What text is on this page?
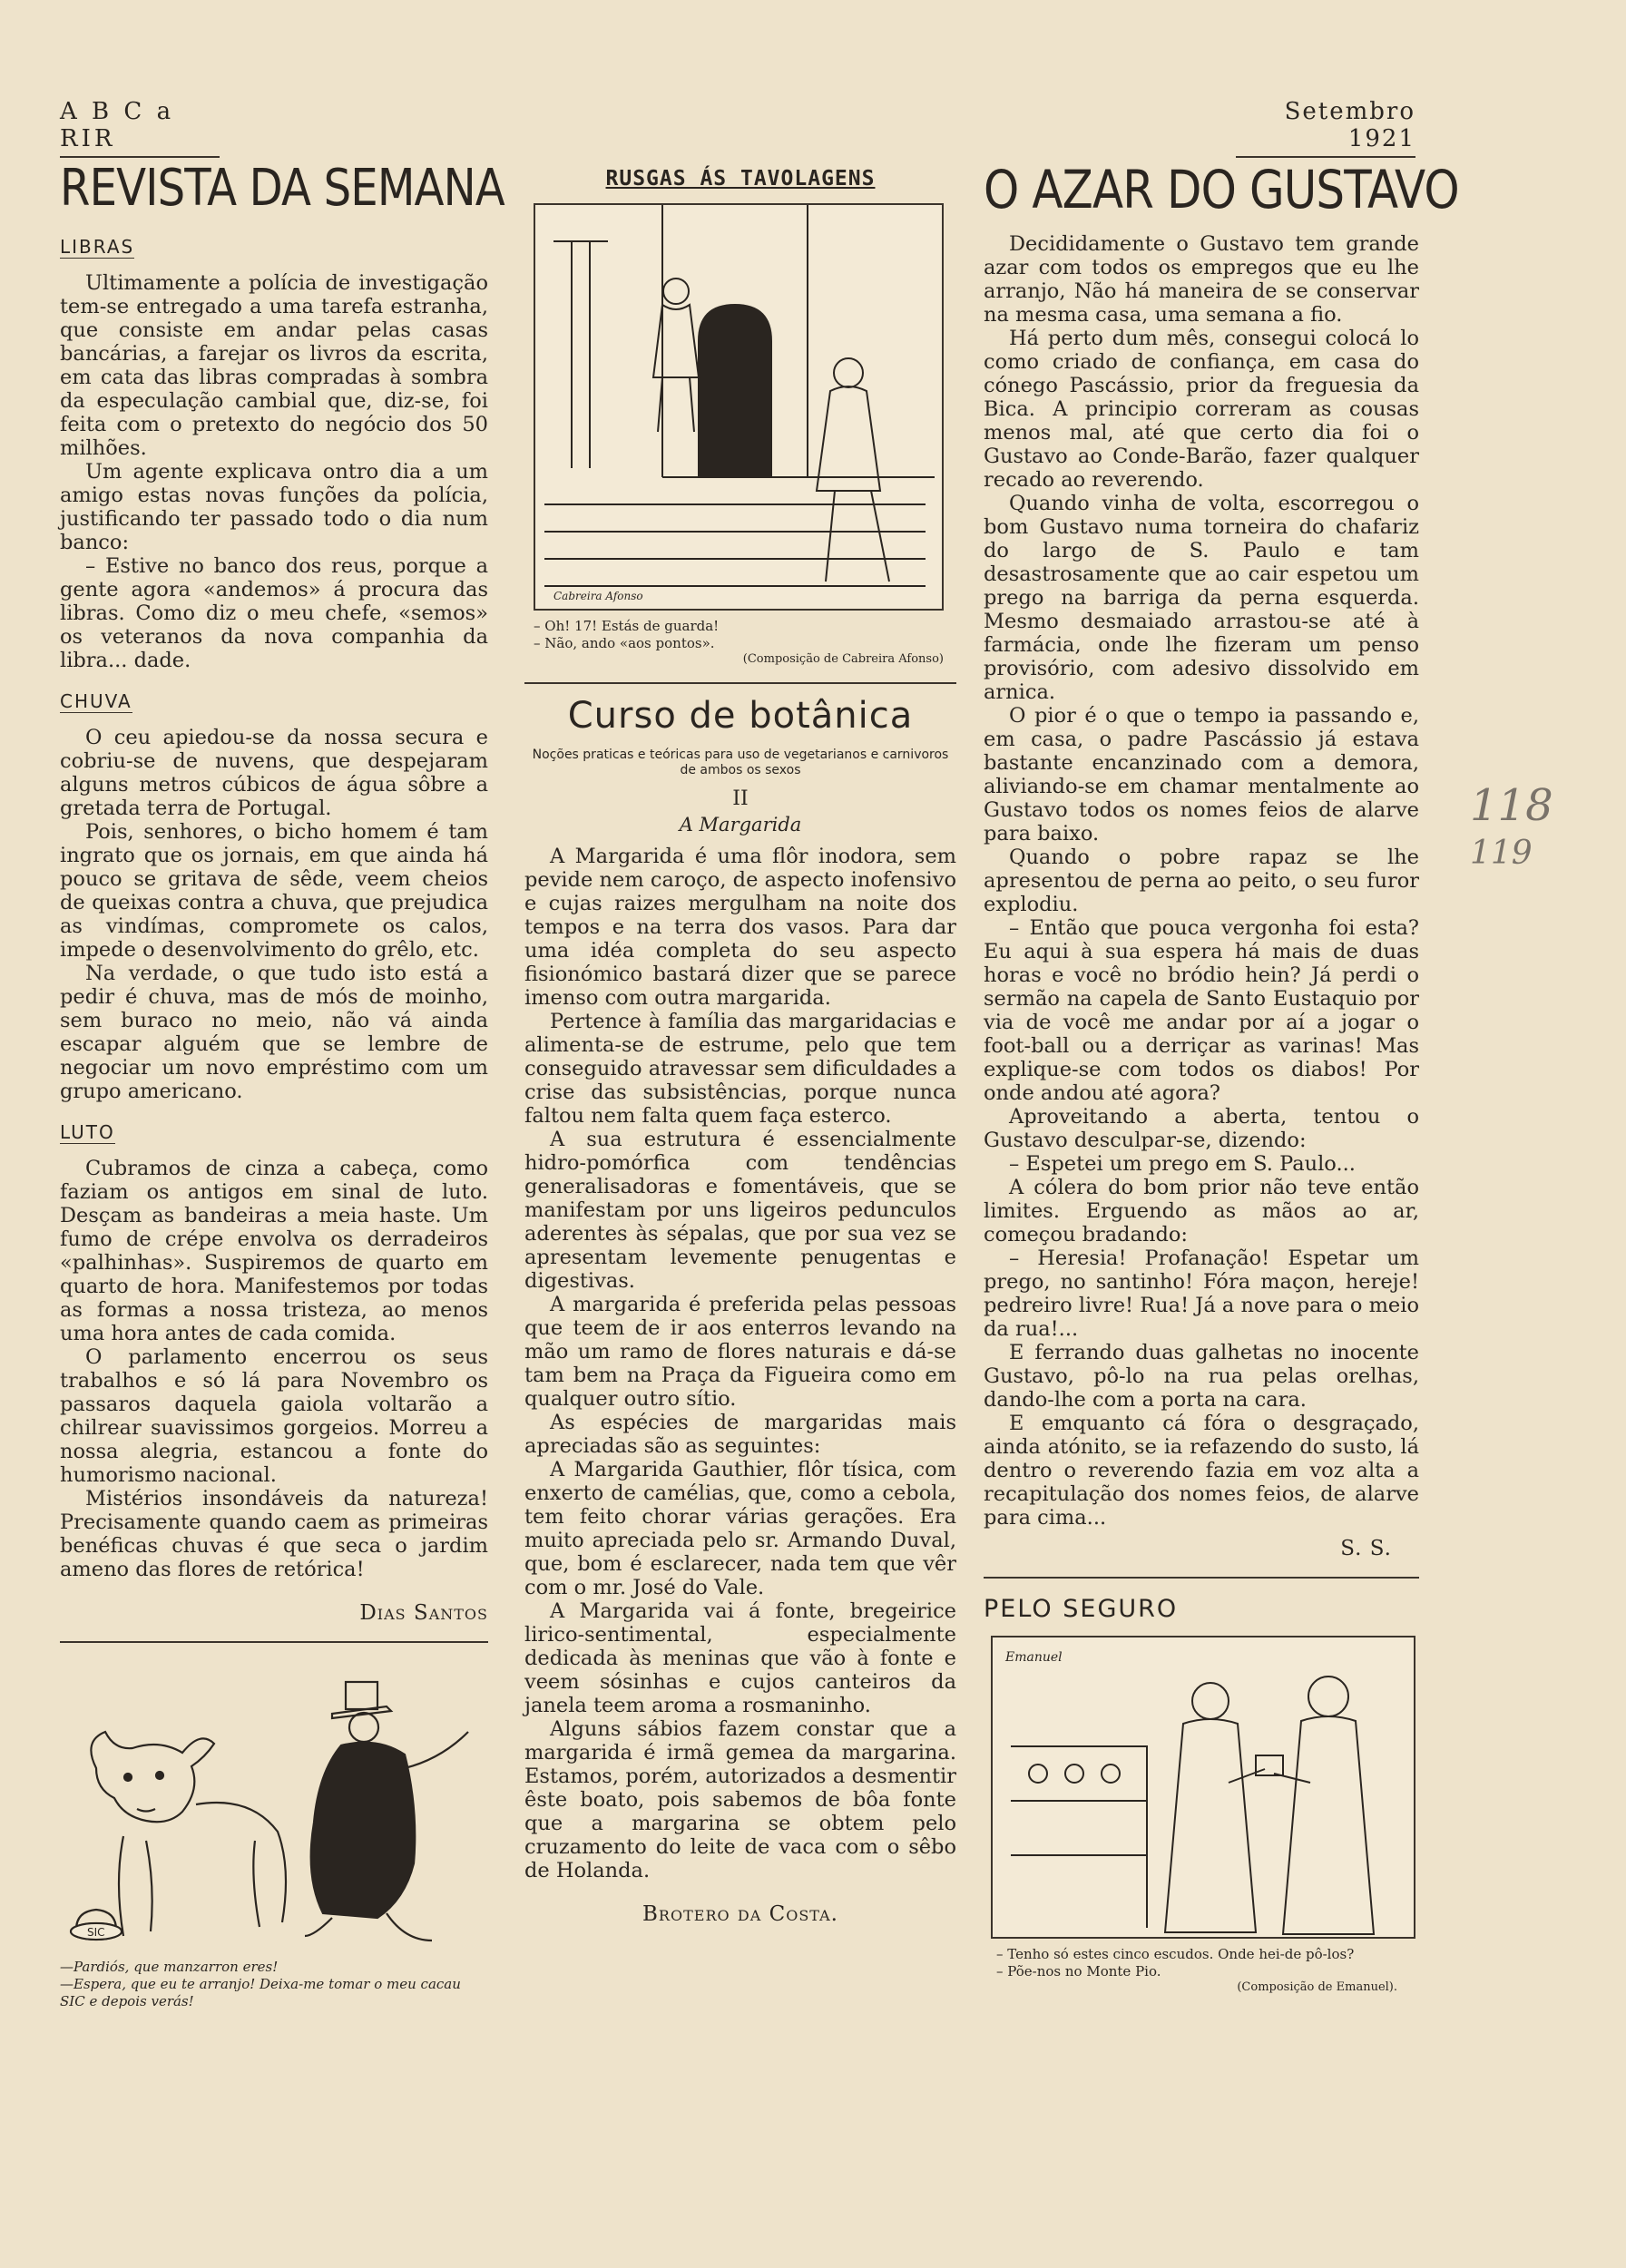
A B C a RIR
Setembro 1921
REVISTA DA SEMANA
LIBRAS

Ultimamente a polícia de investigação tem-se entregado a uma tarefa estranha, que consiste em andar pelas casas bancárias, a farejar os livros da escrita, em cata das libras compradas à sombra da especulação cambial que, diz-se, foi feita com o pretexto do negócio dos 50 milhões.

Um agente explicava ontro dia a um amigo estas novas funções da polícia, justificando ter passado todo o dia num banco:

– Estive no banco dos reus, porque a gente agora «andemos» á procura das libras. Como diz o meu chefe, «semos» os veteranos da nova companhia da libra... dade.

CHUVA

O ceu apiedou-se da nossa secura e cobriu-se de nuvens, que despejaram alguns metros cúbicos de água sôbre a gretada terra de Portugal.

Pois, senhores, o bicho homem é tam ingrato que os jornais, em que ainda há pouco se gritava de sêde, veem cheios de queixas contra a chuva, que prejudica as vindímas, compromete os calos, impede o desenvolvimento do grêlo, etc.

Na verdade, o que tudo isto está a pedir é chuva, mas de mós de moinho, sem buraco no meio, não vá ainda escapar alguém que se lembre de negociar um novo empréstimo com um grupo americano.

LUTO

Cubramos de cinza a cabeça, como faziam os antigos em sinal de luto. Desçam as bandeiras a meia haste. Um fumo de crépe envolva os derradeiros «palhinhas». Suspiremos de quarto em quarto de hora. Manifestemos por todas as formas a nossa tristeza, ao menos uma hora antes de cada comida.

O parlamento encerrou os seus trabalhos e só lá para Novembro os passaros daquela gaiola voltarão a chilrear suavissimos gorgeios. Morreu a nossa alegria, estancou a fonte do humorismo nacional.

Mistérios insondáveis da natureza! Precisamente quando caem as primeiras benéficas chuvas é que seca o jardim ameno das flores de retórica!

Dias Santos
SIC
—Pardiós, que manzarron eres!
—Espera, que eu te arranjo! Deixa-me tomar o meu cacau SIC e depois verás!
RUSGAS ÁS TAVOLAGENS
Cabreira Afonso
– Oh! 17! Estás de guarda!
– Não, ando «aos pontos».
(Composição de Cabreira Afonso)
Curso de botânica
Noções praticas e teóricas para uso de vegetarianos e carnivoros de ambos os sexos
II
A Margarida

A Margarida é uma flôr inodora, sem pevide nem caroço, de aspecto inofensivo e cujas raizes mergulham na noite dos tempos e na terra dos vasos. Para dar uma idéa completa do seu aspecto fisionómico bastará dizer que se parece imenso com outra margarida.

Pertence à família das margaridacias e alimenta-se de estrume, pelo que tem conseguido atravessar sem dificuldades a crise das subsistências, porque nunca faltou nem falta quem faça esterco.

A sua estrutura é essencialmente hidro-pomórfica com tendências generalisadoras e fomentáveis, que se manifestam por uns ligeiros pedunculos aderentes às sépalas, que por sua vez se apresentam levemente penugentas e digestivas.

A margarida é preferida pelas pessoas que teem de ir aos enterros levando na mão um ramo de flores naturais e dá-se tam bem na Praça da Figueira como em qualquer outro sítio.

As espécies de margaridas mais apreciadas são as seguintes:

A Margarida Gauthier, flôr tísica, com enxerto de camélias, que, como a cebola, tem feito chorar várias gerações. Era muito apreciada pelo sr. Armando Duval, que, bom é esclarecer, nada tem que vêr com o mr. José do Vale.

A Margarida vai á fonte, bregeirice lirico-sentimental, especialmente dedicada às meninas que vão à fonte e veem sósinhas e cujos canteiros da janela teem aroma a rosmaninho.

Alguns sábios fazem constar que a margarida é irmã gemea da margarina. Estamos, porém, autorizados a desmentir êste boato, pois sabemos de bôa fonte que a margarina se obtem pelo cruzamento do leite de vaca com o sêbo de Holanda.

Brotero da Costa.
O AZAR DO GUSTAVO

Decididamente o Gustavo tem grande azar com todos os empregos que eu lhe arranjo, Não há maneira de se conservar na mesma casa, uma semana a fio.

Há perto dum mês, consegui colocá lo como criado de confiança, em casa do cónego Pascássio, prior da freguesia da Bica. A principio correram as cousas menos mal, até que certo dia foi o Gustavo ao Conde-Barão, fazer qualquer recado ao reverendo.

Quando vinha de volta, escorregou o bom Gustavo numa torneira do chafariz do largo de S. Paulo e tam desastrosamente que ao cair espetou um prego na barriga da perna esquerda. Mesmo desmaiado arrastou-se até à farmácia, onde lhe fizeram um penso provisório, com adesivo dissolvido em arnica.

O pior é o que o tempo ia passando e, em casa, o padre Pascássio já estava bastante encanzinado com a demora, aliviando-se em chamar mentalmente ao Gustavo todos os nomes feios de alarve para baixo.

Quando o pobre rapaz se lhe apresentou de perna ao peito, o seu furor explodiu.

– Então que pouca vergonha foi esta? Eu aqui à sua espera há mais de duas horas e você no bródio hein? Já perdi o sermão na capela de Santo Eustaquio por via de você me andar por aí a jogar o foot-ball ou a derriçar as varinas! Mas explique-se com todos os diabos! Por onde andou até agora?

Aproveitando a aberta, tentou o Gustavo desculpar-se, dizendo:

– Espetei um prego em S. Paulo...

A cólera do bom prior não teve então limites. Erguendo as mãos ao ar, começou bradando:

– Heresia! Profanação! Espetar um prego, no santinho! Fóra maçon, hereje! pedreiro livre! Rua! Já a nove para o meio da rua!...

E ferrando duas galhetas no inocente Gustavo, pô-lo na rua pelas orelhas, dando-lhe com a porta na cara.

E emquanto cá fóra o desgraçado, ainda atónito, se ia refazendo do susto, lá dentro o reverendo fazia em voz alta a recapitulação dos nomes feios, de alarve para cima...

S. S.
PELO SEGURO
Emanuel
– Tenho só estes cinco escudos. Onde hei-de pô-los?
– Põe-nos no Monte Pio.
(Composição de Emanuel).
118
119
